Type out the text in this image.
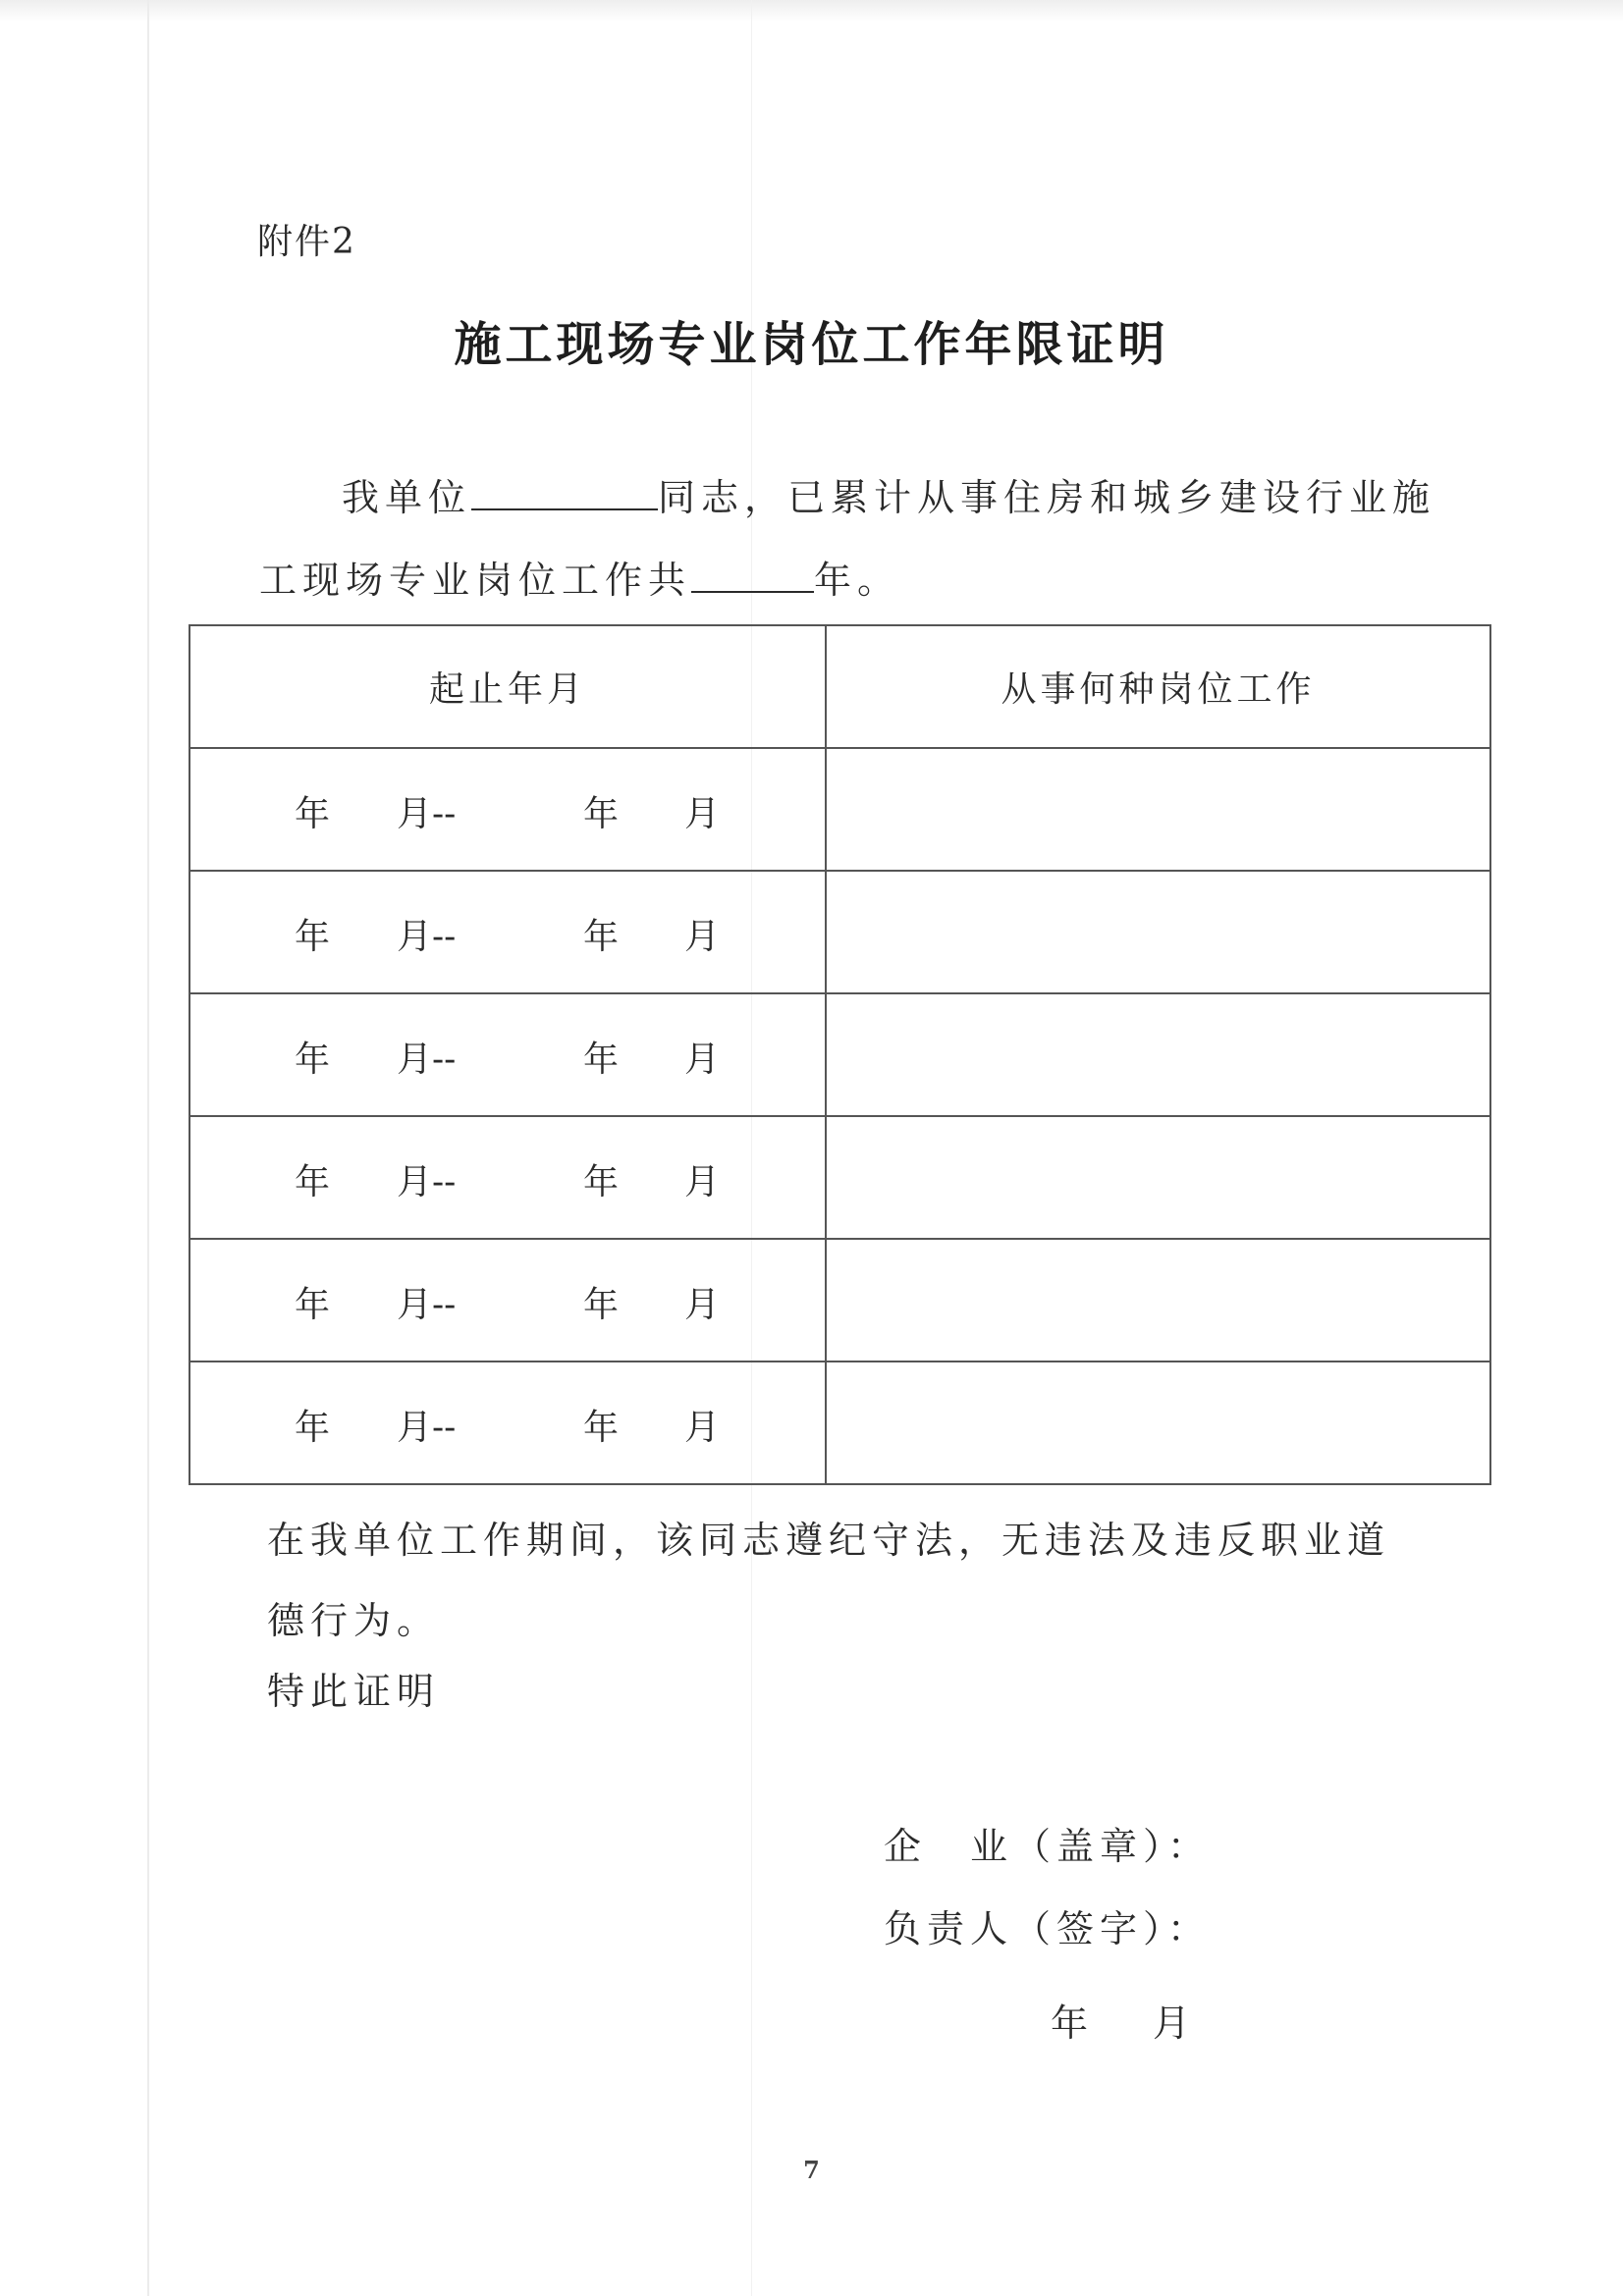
附件2
施工现场专业岗位工作年限证明
我单位	同志，已累计从事住房和城乡建设行业施
工现场专业岗位工作共	年。
起止年月	从事何种岗位工作

年 月-- 年 月	

年 月-- 年 月	

年 月-- 年 月	

年 月-- 年 月	

年 月-- 年 月	

年 月-- 年 月	

在我单位工作期间，该同志遵纪守法，无违法及违反职业道德行为。
特此证明
企　业（盖章）：
负责人（签字）：
年 月
7
